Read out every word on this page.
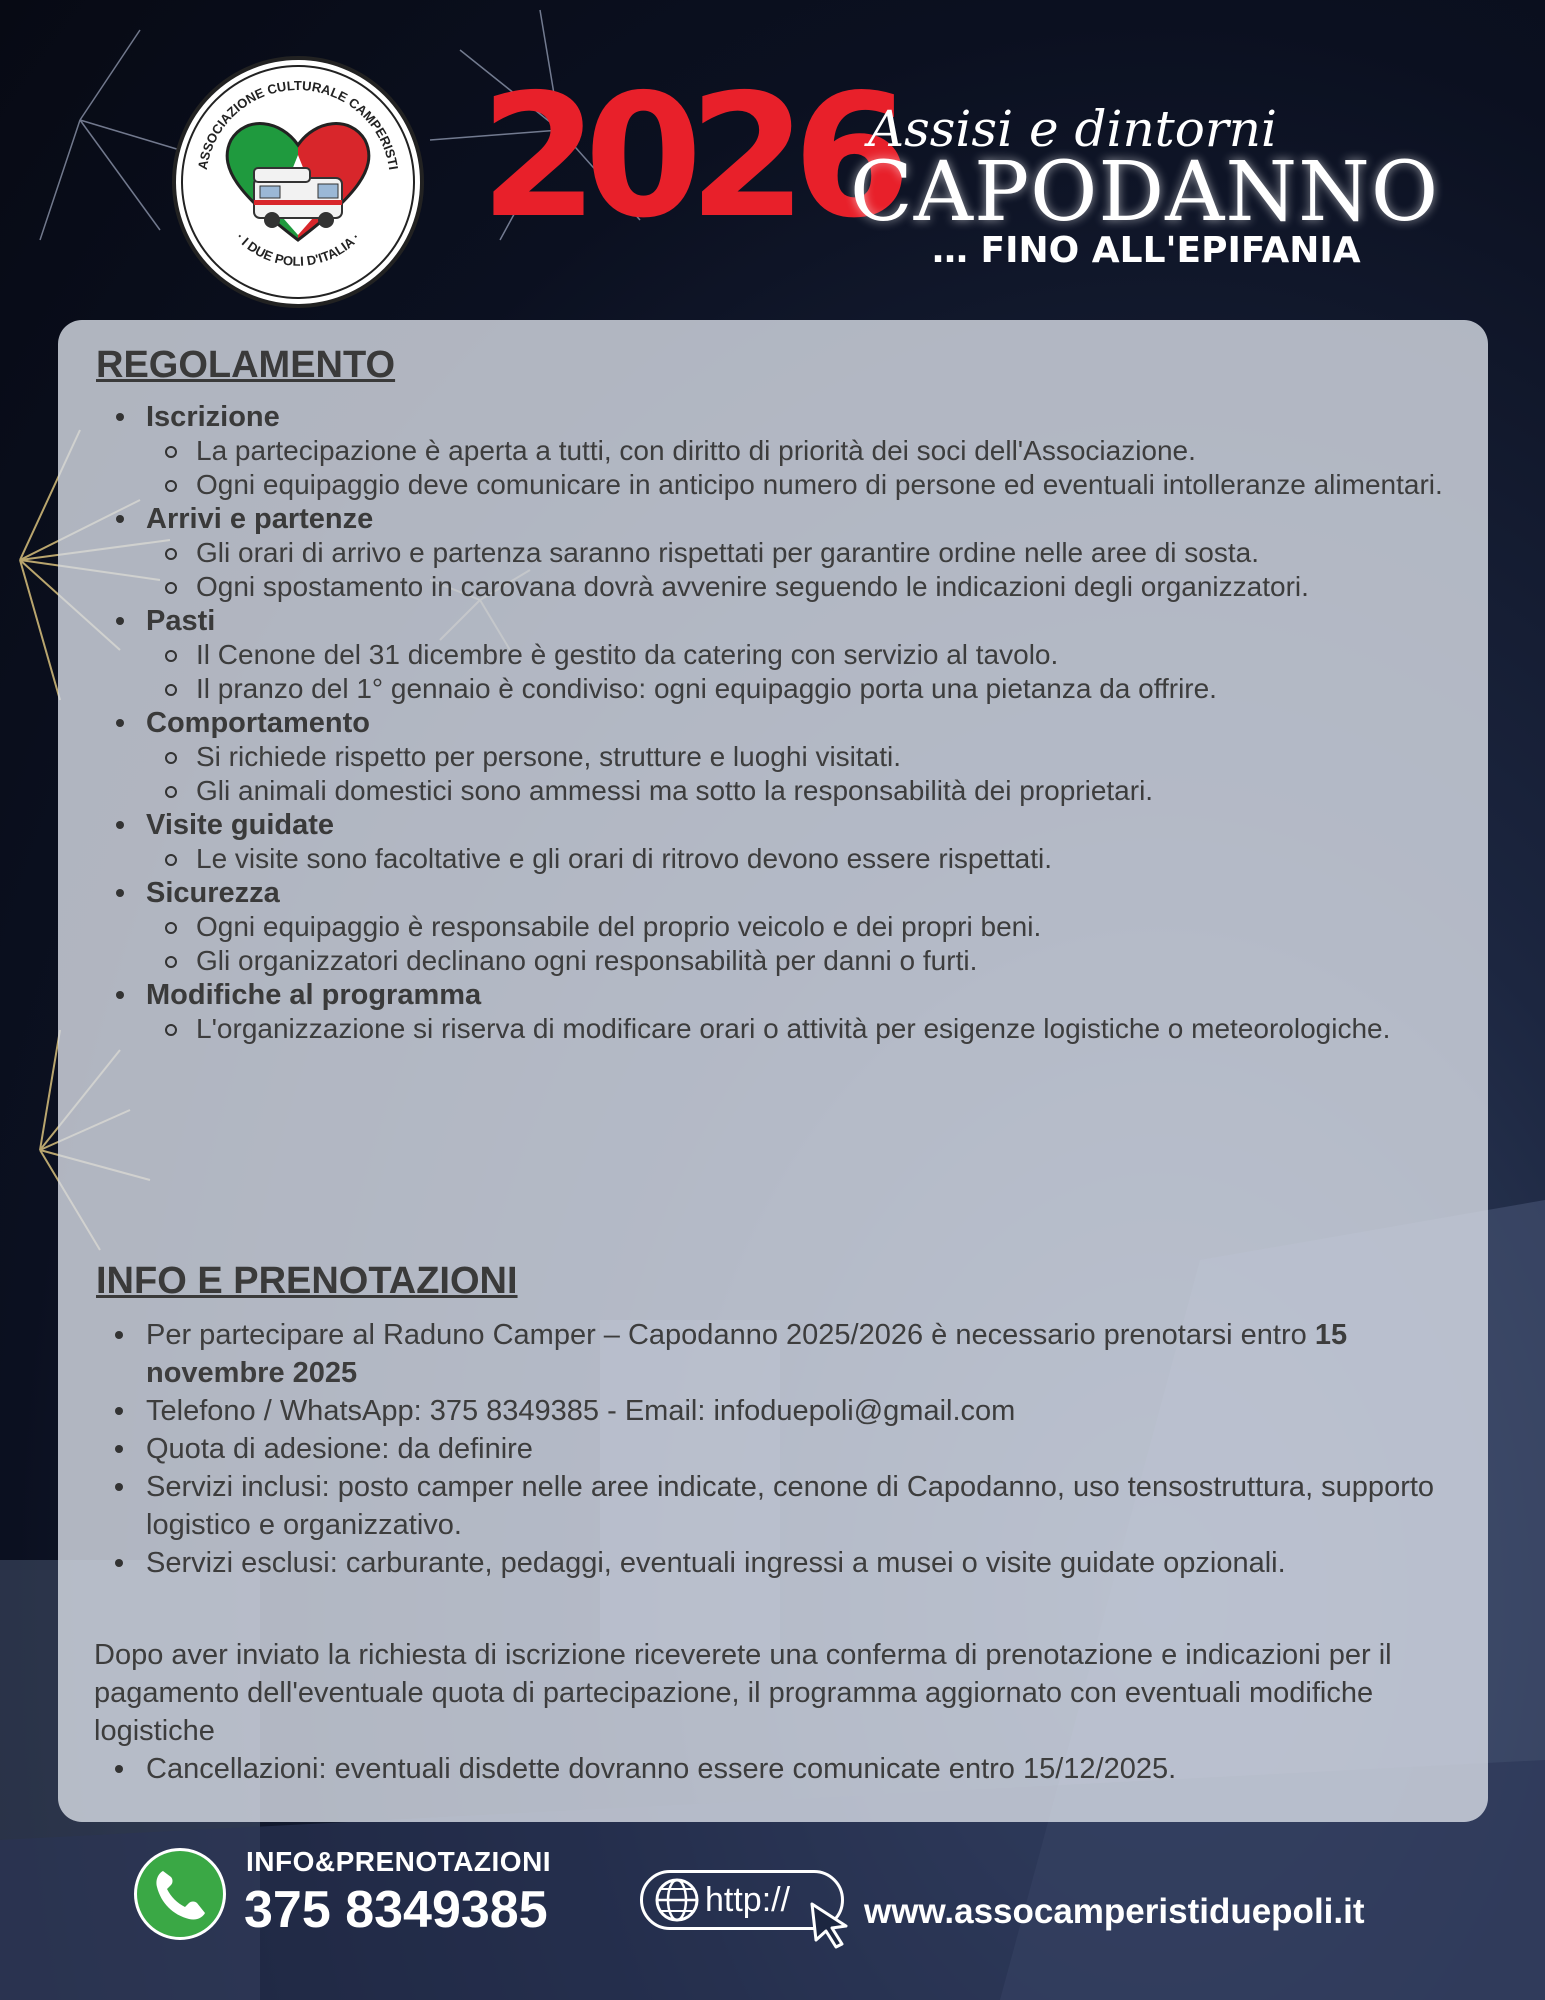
ASSOCIAZIONE CULTURALE CAMPERISTI
· I DUE POLI D'ITALIA · 2026
Assisi e dintorni
CAPODANNO
… FINO ALL'EPIFANIA
REGOLAMENTO
Iscrizione
La partecipazione è aperta a tutti, con diritto di priorità dei soci dell'Associazione.
Ogni equipaggio deve comunicare in anticipo numero di persone ed eventuali intolleranze alimentari.
Arrivi e partenze
Gli orari di arrivo e partenza saranno rispettati per garantire ordine nelle aree di sosta.
Ogni spostamento in carovana dovrà avvenire seguendo le indicazioni degli organizzatori.
Pasti
Il Cenone del 31 dicembre è gestito da catering con servizio al tavolo.
Il pranzo del 1° gennaio è condiviso: ogni equipaggio porta una pietanza da offrire.
Comportamento
Si richiede rispetto per persone, strutture e luoghi visitati.
Gli animali domestici sono ammessi ma sotto la responsabilità dei proprietari.
Visite guidate
Le visite sono facoltative e gli orari di ritrovo devono essere rispettati.
Sicurezza
Ogni equipaggio è responsabile del proprio veicolo e dei propri beni.
Gli organizzatori declinano ogni responsabilità per danni o furti.
Modifiche al programma
L'organizzazione si riserva di modificare orari o attività per esigenze logistiche o meteorologiche.
INFO E PRENOTAZIONI
Per partecipare al Raduno Camper – Capodanno 2025/2026 è necessario prenotarsi entro 15 novembre 2025
Telefono / WhatsApp: 375 8349385 - Email: infoduepoli@gmail.com
Quota di adesione: da definire
Servizi inclusi: posto camper nelle aree indicate, cenone di Capodanno, uso tensostruttura, supporto logistico e organizzativo.
Servizi esclusi: carburante, pedaggi, eventuali ingressi a musei o visite guidate opzionali.
Dopo aver inviato la richiesta di iscrizione riceverete una conferma di prenotazione e indicazioni per il pagamento dell'eventuale quota di partecipazione, il programma aggiornato con eventuali modifiche logistiche
Cancellazioni: eventuali disdette dovranno essere comunicate entro 15/12/2025.
INFO&PRENOTAZIONI
375 8349385	http:// www.assocamperistiduepoli.it
